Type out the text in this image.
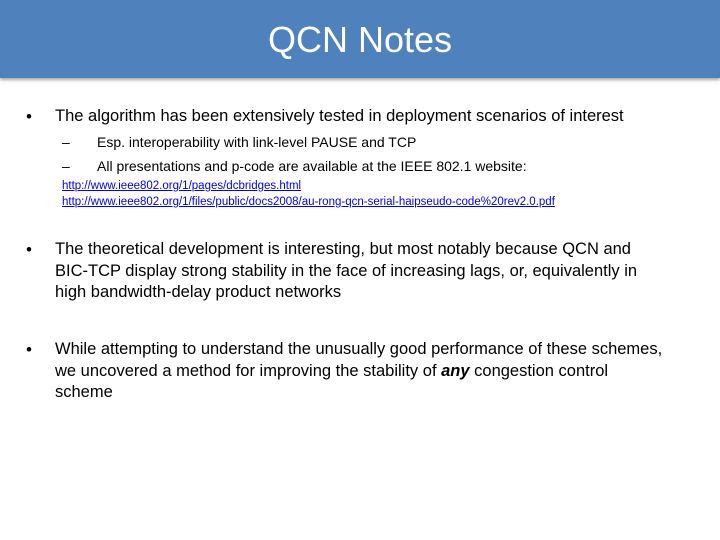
QCN Notes
• The algorithm has been extensively tested in deployment scenarios of interest
– Esp. interoperability with link-level PAUSE and TCP
– All presentations and p-code are available at the IEEE 802.1 website:
http://www.ieee802.org/1/pages/dcbridges.html
http://www.ieee802.org/1/files/public/docs2008/au-rong-qcn-serial-haipseudo-code%20rev2.0.pdf
• The theoretical development is interesting, but most notably because QCN and BIC-TCP display strong stability in the face of increasing lags, or, equivalently in high bandwidth-delay product networks
• While attempting to understand the unusually good performance of these schemes, we uncovered a method for improving the stability of any congestion control scheme
